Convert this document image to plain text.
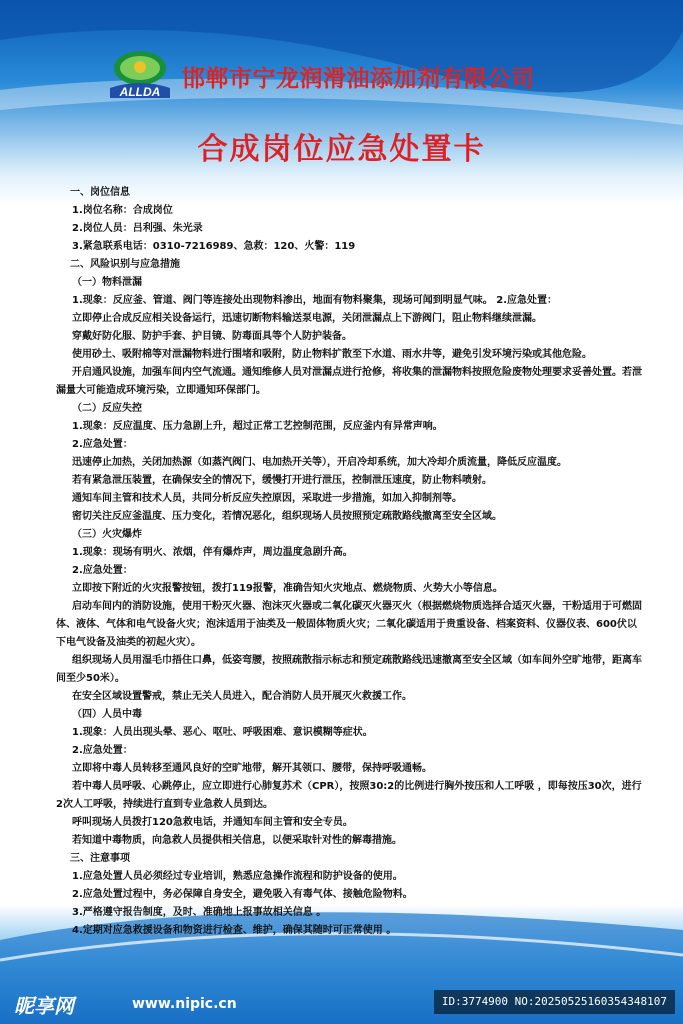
ALLDA 邯郸市宁龙润滑油添加剂有限公司
合成岗位应急处置卡

一、岗位信息

1.岗位名称：合成岗位

2.岗位人员：吕利强、朱光录

3.紧急联系电话：0310-7216989、急救：120、火警：119

二、风险识别与应急措施

（一）物料泄漏

1.现象：反应釜、管道、阀门等连接处出现物料渗出，地面有物料聚集，现场可闻到明显气味。 2.应急处置：

立即停止合成反应相关设备运行，迅速切断物料输送泵电源，关闭泄漏点上下游阀门，阻止物料继续泄漏。

穿戴好防化服、防护手套、护目镜、防毒面具等个人防护装备。

使用砂土、吸附棉等对泄漏物料进行围堵和吸附，防止物料扩散至下水道、雨水井等，避免引发环境污染或其他危险。

开启通风设施，加强车间内空气流通。通知维修人员对泄漏点进行抢修，将收集的泄漏物料按照危险废物处理要求妥善处置。若泄漏量大可能造成环境污染，立即通知环保部门。

（二）反应失控

1.现象：反应温度、压力急剧上升，超过正常工艺控制范围，反应釜内有异常声响。

2.应急处置：

迅速停止加热，关闭加热源（如蒸汽阀门、电加热开关等），开启冷却系统，加大冷却介质流量，降低反应温度。

若有紧急泄压装置，在确保安全的情况下，缓慢打开进行泄压，控制泄压速度，防止物料喷射。

通知车间主管和技术人员，共同分析反应失控原因，采取进一步措施，如加入抑制剂等。

密切关注反应釜温度、压力变化，若情况恶化，组织现场人员按照预定疏散路线撤离至安全区域。

（三）火灾爆炸

1.现象：现场有明火、浓烟，伴有爆炸声，周边温度急剧升高。

2.应急处置：

立即按下附近的火灾报警按钮，拨打119报警，准确告知火灾地点、燃烧物质、火势大小等信息。

启动车间内的消防设施，使用干粉灭火器、泡沫灭火器或二氧化碳灭火器灭火（根据燃烧物质选择合适灭火器，干粉适用于可燃固体、液体、气体和电气设备火灾；泡沫适用于油类及一般固体物质火灾；二氧化碳适用于贵重设备、档案资料、仪器仪表、600伏以下电气设备及油类的初起火灾）。

组织现场人员用湿毛巾捂住口鼻，低姿弯腰，按照疏散指示标志和预定疏散路线迅速撤离至安全区域（如车间外空旷地带，距离车间至少50米）。

在安全区域设置警戒，禁止无关人员进入，配合消防人员开展灭火救援工作。

（四）人员中毒

1.现象：人员出现头晕、恶心、呕吐、呼吸困难、意识模糊等症状。

2.应急处置：

立即将中毒人员转移至通风良好的空旷地带，解开其领口、腰带，保持呼吸通畅。

若中毒人员呼吸、心跳停止，应立即进行心肺复苏术（CPR），按照30:2的比例进行胸外按压和人工呼吸 ，即每按压30次，进行2次人工呼吸，持续进行直到专业急救人员到达。

呼叫现场人员拨打120急救电话，并通知车间主管和安全专员。

若知道中毒物质，向急救人员提供相关信息，以便采取针对性的解毒措施。

三、注意事项

1.应急处置人员必须经过专业培训，熟悉应急操作流程和防护设备的使用。

2.应急处置过程中，务必保障自身安全，避免吸入有毒气体、接触危险物料。

3.严格遵守报告制度，及时、准确地上报事故相关信息 。

4.定期对应急救援设备和物资进行检查、维护，确保其随时可正常使用 。

昵享网	www.nipic.cn	ID:3774900 NO:20250525160354348107
